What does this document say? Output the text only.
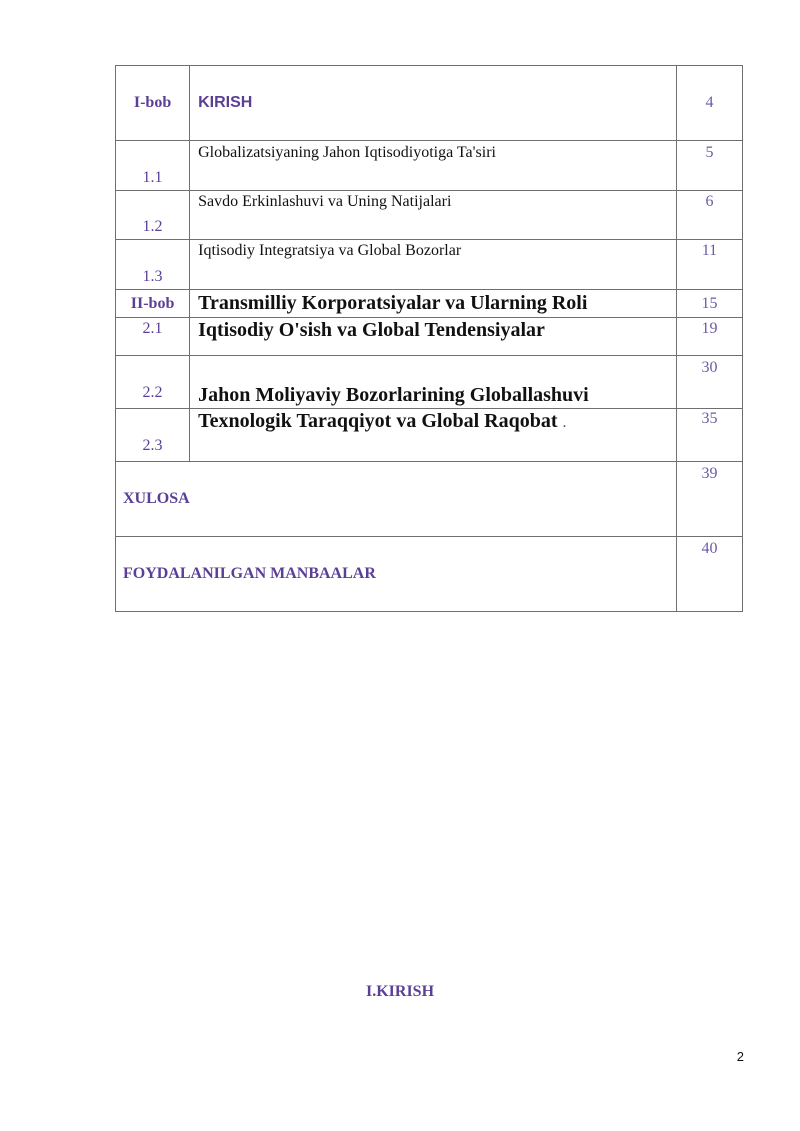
I-bob	KIRISH	4

1.1	Globalizatsiyaning Jahon Iqtisodiyotiga Ta'siri	5

1.2	Savdo Erkinlashuvi va Uning Natijalari	6

1.3	Iqtisodiy Integratsiya va Global Bozorlar	11

II-bob	Transmilliy Korporatsiyalar va Ularning Roli	15

2.1	Iqtisodiy O'sish va Global Tendensiyalar	19

2.2	Jahon Moliyaviy Bozorlarining Globallashuvi	30

2.3	Texnologik Taraqqiyot va Global Raqobat .	35

XULOSA		39

FOYDALANILGAN MANBAALAR		40
I.KIRISH
2
